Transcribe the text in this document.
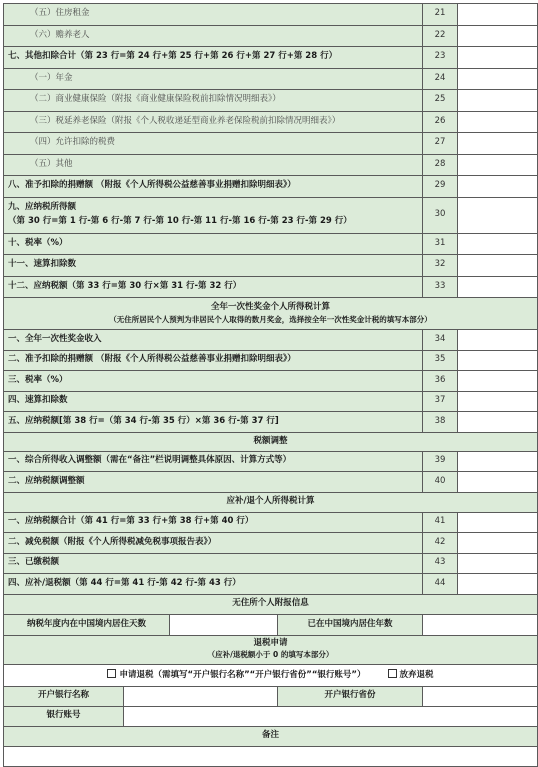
（五）住房租金				21	
（六）赡养老人				22	
七、其他扣除合计（第 23 行=第 24 行+第 25 行+第 26 行+第 27 行+第 28 行）				23	
（一）年金				24	
（二）商业健康保险（附报《商业健康保险税前扣除情况明细表》）				25	
（三）税延养老保险（附报《个人税收递延型商业养老保险税前扣除情况明细表》）				26	
（四）允许扣除的税费				27	
（五）其他				28	
八、准予扣除的捐赠额 （附报《个人所得税公益慈善事业捐赠扣除明细表》）				29	

九、应纳税所得额
（第 30 行=第 1 行-第 6 行-第 7 行-第 10 行-第 11 行-第 16 行-第 23 行-第 29 行）				30	
十、税率（%）				31	
十一、速算扣除数				32	
十二、应纳税额（第 33 行=第 30 行×第 31 行-第 32 行）				33	

全年一次性奖金个人所得税计算
（无住所居民个人预判为非居民个人取得的数月奖金，选择按全年一次性奖金计税的填写本部分）					

一、全年一次性奖金收入				34	
二、准予扣除的捐赠额 （附报《个人所得税公益慈善事业捐赠扣除明细表》）				35	
三、税率（%）				36	
四、速算扣除数				37	
五、应纳税额[第 38 行=（第 34 行-第 35 行）×第 36 行-第 37 行]				38	
税额调整					
一、综合所得收入调整额（需在“备注”栏说明调整具体原因、计算方式等）				39	
二、应纳税额调整额				40	
应补/退个人所得税计算					
一、应纳税额合计（第 41 行=第 33 行+第 38 行+第 40 行）				41	
二、减免税额（附报《个人所得税减免税事项报告表》）				42	
三、已缴税额				43	
四、应补/退税额（第 44 行=第 41 行-第 42 行-第 43 行）				44	
无住所个人附报信息					
纳税年度内在中国境内居住天数			已在中国境内居住年数		

退税申请
（应补/退税额小于 0 的填写本部分）					

申请退税（需填写“开户银行名称”“开户银行省份”“银行账号”） 放弃退税					
开户银行名称			开户银行省份		
银行账号					
备注					
